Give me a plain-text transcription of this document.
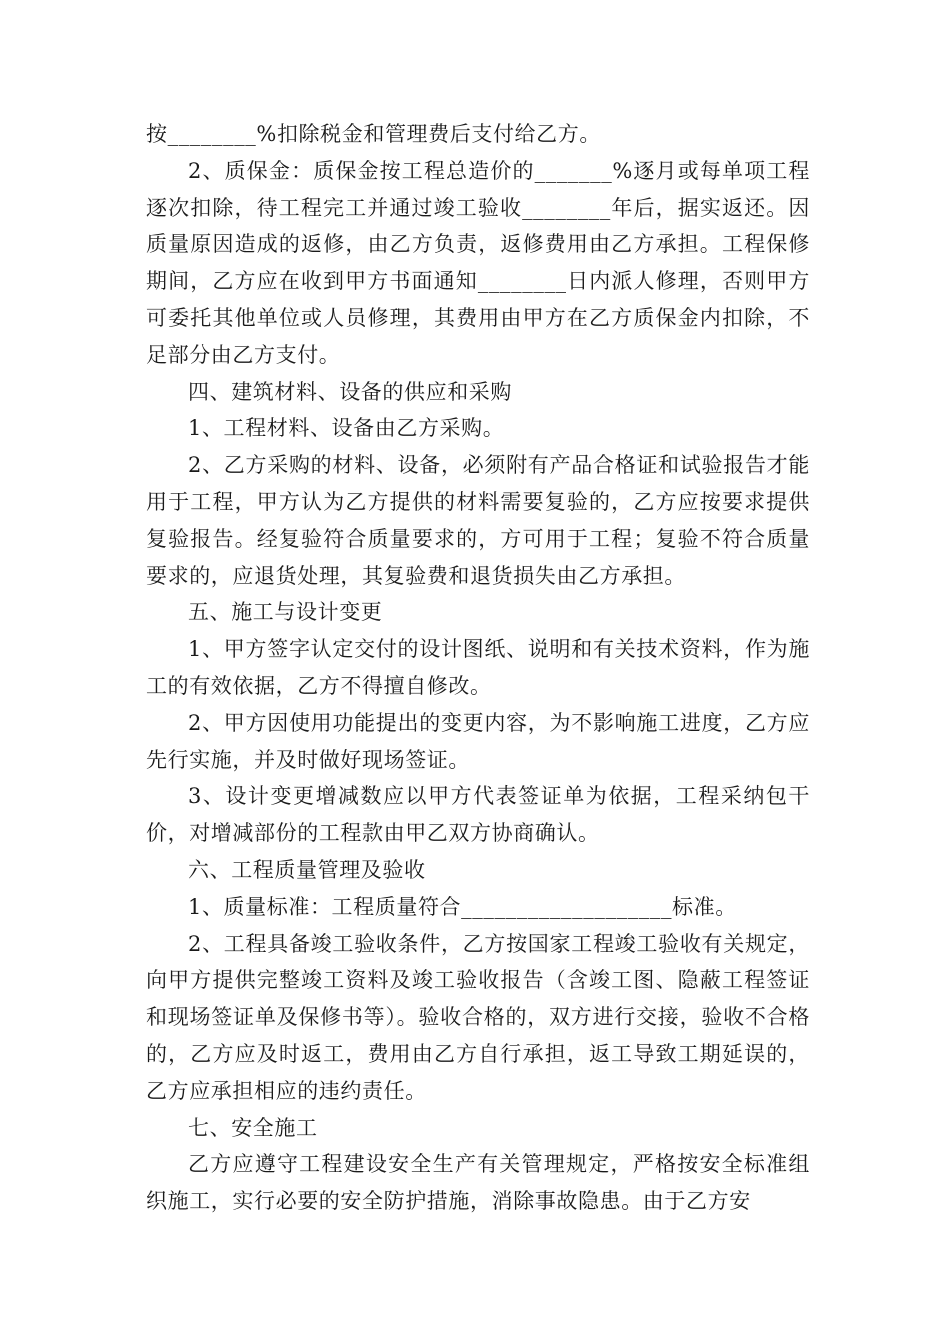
按________%扣除税金和管理费后支付给乙方。

2、质保金：质保金按工程总造价的_______%逐月或每单项工程逐次扣除，待工程完工并通过竣工验收________年后，据实返还。因质量原因造成的返修，由乙方负责，返修费用由乙方承担。工程保修期间，乙方应在收到甲方书面通知________日内派人修理，否则甲方可委托其他单位或人员修理，其费用由甲方在乙方质保金内扣除，不足部分由乙方支付。

四、建筑材料、设备的供应和采购

1、工程材料、设备由乙方采购。

2、乙方采购的材料、设备，必须附有产品合格证和试验报告才能用于工程，甲方认为乙方提供的材料需要复验的，乙方应按要求提供复验报告。经复验符合质量要求的，方可用于工程；复验不符合质量要求的，应退货处理，其复验费和退货损失由乙方承担。

五、施工与设计变更

1、甲方签字认定交付的设计图纸、说明和有关技术资料，作为施工的有效依据，乙方不得擅自修改。

2、甲方因使用功能提出的变更内容，为不影响施工进度，乙方应先行实施，并及时做好现场签证。

3、设计变更增减数应以甲方代表签证单为依据，工程采纳包干价，对增减部份的工程款由甲乙双方协商确认。

六、工程质量管理及验收

1、质量标准：工程质量符合___________________标准。

2、工程具备竣工验收条件，乙方按国家工程竣工验收有关规定，向甲方提供完整竣工资料及竣工验收报告（含竣工图、隐蔽工程签证和现场签证单及保修书等）。验收合格的，双方进行交接，验收不合格的，乙方应及时返工，费用由乙方自行承担，返工导致工期延误的，乙方应承担相应的违约责任。

七、安全施工

乙方应遵守工程建设安全生产有关管理规定，严格按安全标准组织施工，实行必要的安全防护措施，消除事故隐患。由于乙方安
